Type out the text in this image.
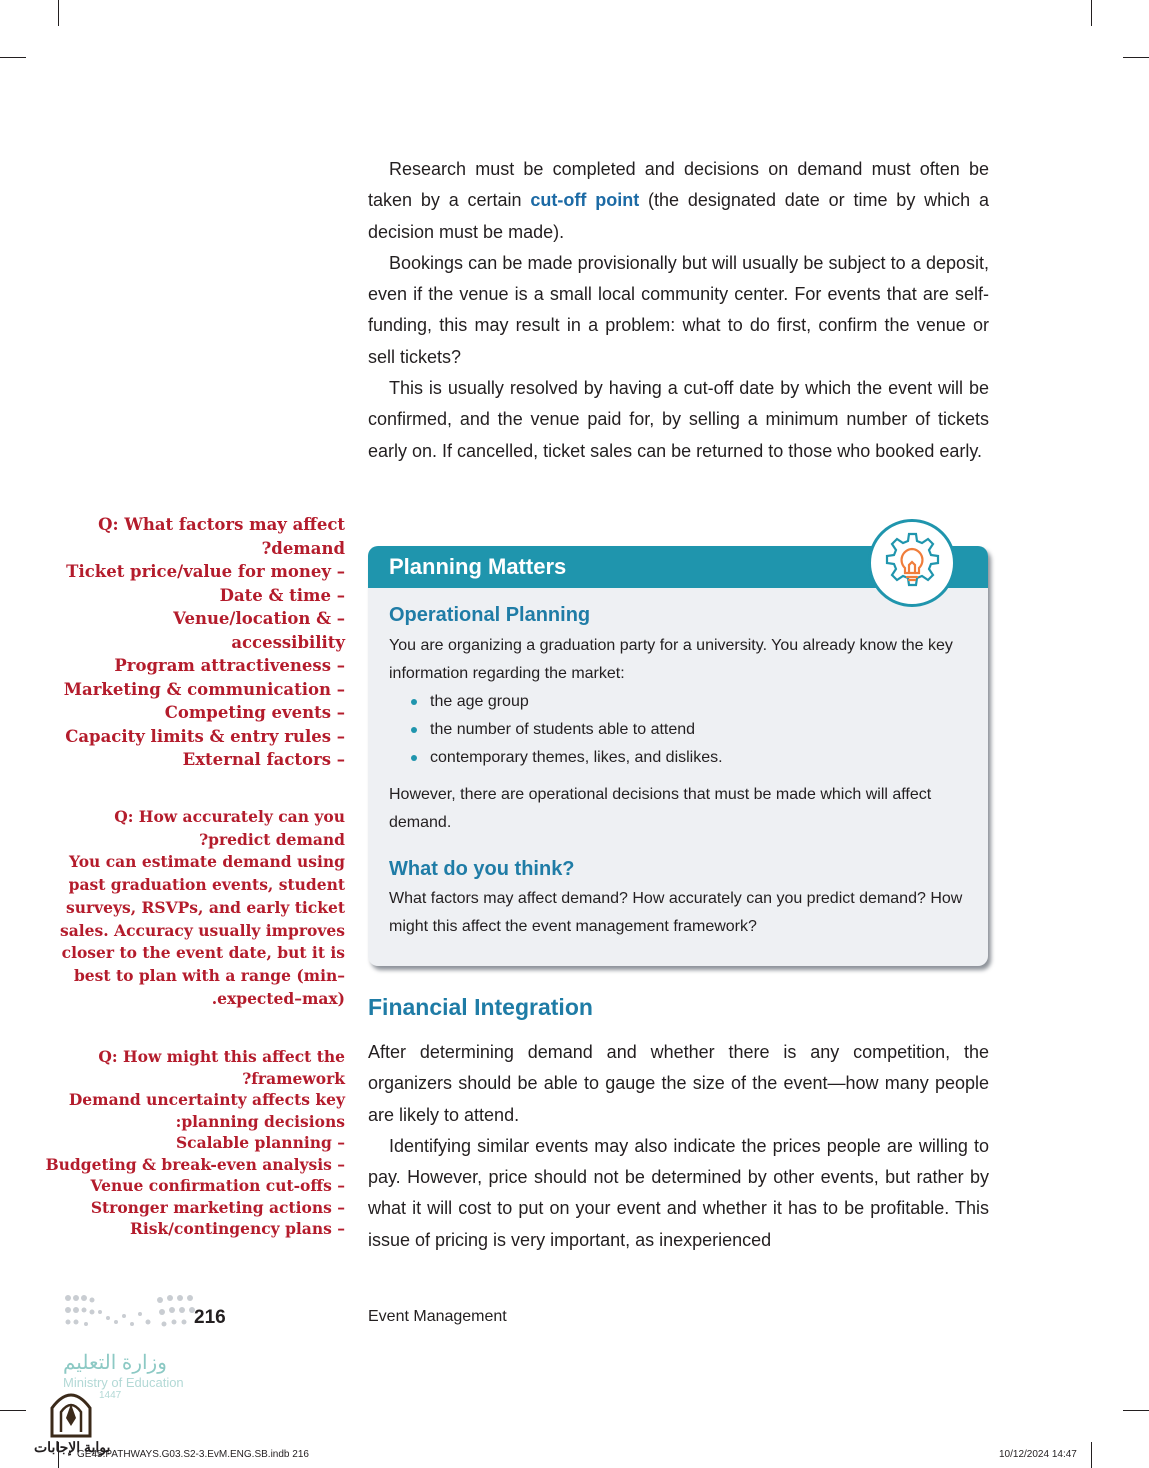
Research must be completed and decisions on demand must often be taken by a certain cut-off point (the designated date or time by which a decision must be made).

Bookings can be made provisionally but will usually be subject to a deposit, even if the venue is a small local community center. For events that are self-funding, this may result in a problem: what to do first, confirm the venue or sell tickets?

This is usually resolved by having a cut-off date by which the event will be confirmed, and the venue paid for, by selling a minimum number of tickets early on. If cancelled, ticket sales can be returned to those who booked early.

Q: What factors may affect
?demand
Ticket price/value for money –
Date & time –
Venue/location & –
accessibility
Program attractiveness –
Marketing & communication –
Competing events –
Capacity limits & entry rules –
External factors –
Q: How accurately can you
?predict demand
You can estimate demand using
past graduation events, student
surveys, RSVPs, and early ticket
sales. Accuracy usually improves
closer to the event date, but it is
best to plan with a range (min–
.expected–max)
Q: How might this affect the
?framework
Demand uncertainty affects key
:planning decisions
Scalable planning –
Budgeting & break-even analysis –
Venue confirmation cut-offs –
Stronger marketing actions –
Risk/contingency plans –
Planning Matters
Operational Planning
You are organizing a graduation party for a university. You already know the key information regarding the market:
the age group
the number of students able to attend
contemporary themes, likes, and dislikes.
However, there are operational decisions that must be made which will affect demand.
What do you think?
What factors may affect demand? How accurately can you predict demand? How might this affect the event management framework?
Financial Integration

After determining demand and whether there is any competition, the organizers should be able to gauge the size of the event—how many people are likely to attend.

Identifying similar events may also indicate the prices people are willing to pay. However, price should not be determined by other events, but rather by what it will cost to put on your event and whether it has to be profitable. This issue of pricing is very important, as inexperienced

216	Event Management
وزارة التعليم
Ministry of Education
1447
بوابة الإجابات
GE45.PATHWAYS.G03.S2-3.EvM.ENG.SB.indb 216	10/12/2024 14:47
